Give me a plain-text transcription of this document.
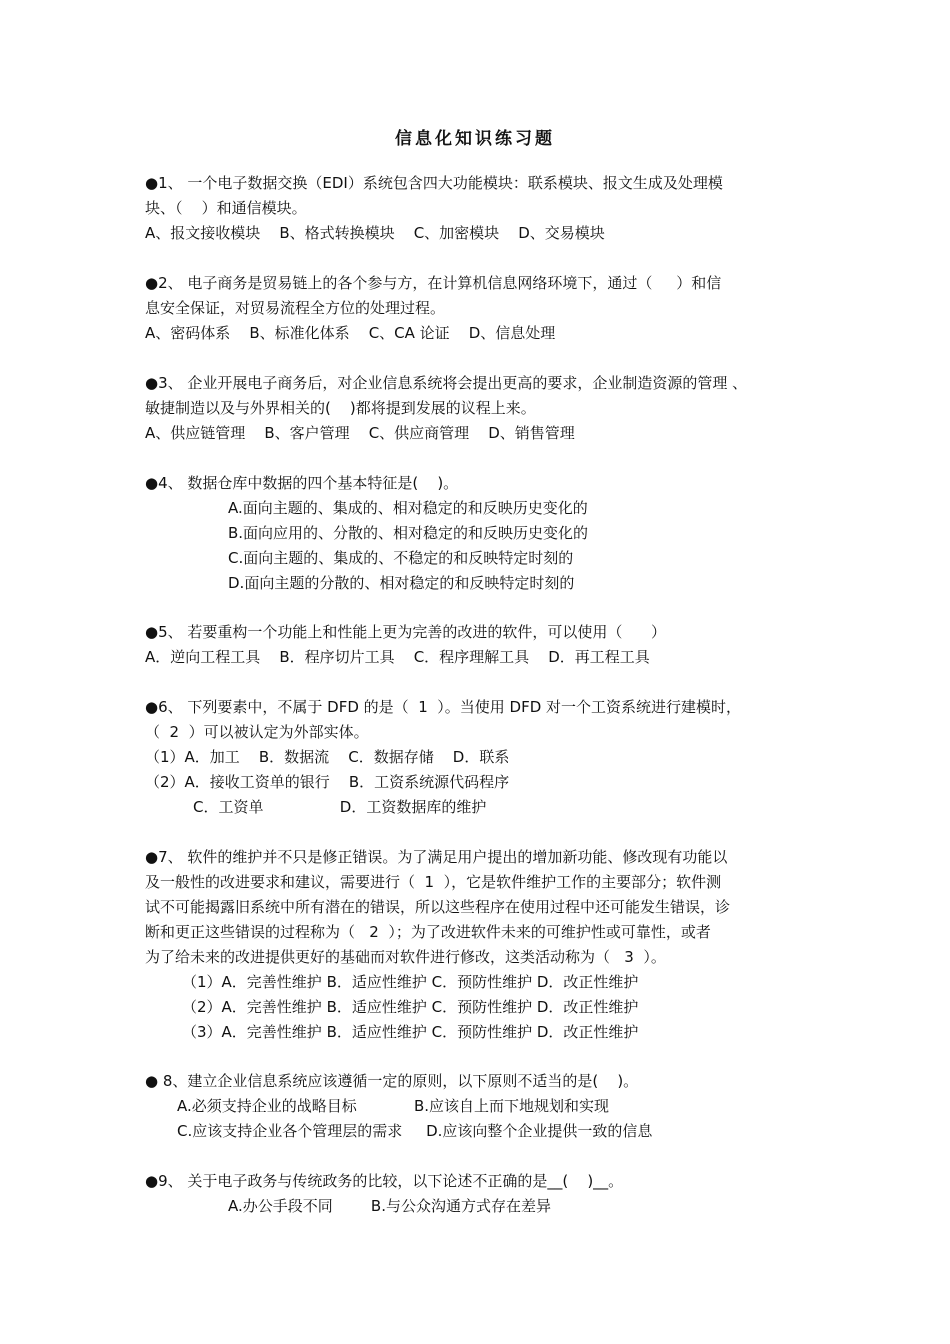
信息化知识练习题
●1、 一个电子数据交换（EDI）系统包含四大功能模块：联系模块、报文生成及处理模
块、（    ）和通信模块。
A、报文接收模块    B、格式转换模块    C、加密模块    D、交易模块
●2、 电子商务是贸易链上的各个参与方，在计算机信息网络环境下，通过（     ）和信
息安全保证，对贸易流程全方位的处理过程。
A、密码体系    B、标准化体系    C、CA 论证    D、信息处理
●3、 企业开展电子商务后，对企业信息系统将会提出更高的要求，企业制造资源的管理 、
敏捷制造以及与外界相关的(    )都将提到发展的议程上来。
A、供应链管理    B、客户管理    C、供应商管理    D、销售管理
●4、 数据仓库中数据的四个基本特征是(    )。
A.面向主题的、集成的、相对稳定的和反映历史变化的
B.面向应用的、分散的、相对稳定的和反映历史变化的
C.面向主题的、集成的、不稳定的和反映特定时刻的
D.面向主题的分散的、相对稳定的和反映特定时刻的
●5、 若要重构一个功能上和性能上更为完善的改进的软件，可以使用（      ）
A．逆向工程工具    B．程序切片工具    C．程序理解工具    D．再工程工具
●6、 下列要素中，不属于 DFD 的是（  1  ）。当使用 DFD 对一个工资系统进行建模时，
（  2  ）可以被认定为外部实体。
（1）A．加工    B．数据流    C．数据存储    D．联系
（2）A．接收工资单的银行    B．工资系统源代码程序
C．工资单                D．工资数据库的维护
●7、 软件的维护并不只是修正错误。为了满足用户提出的增加新功能、修改现有功能以
及一般性的改进要求和建议，需要进行（  1  ），它是软件维护工作的主要部分；软件测
试不可能揭露旧系统中所有潜在的错误，所以这些程序在使用过程中还可能发生错误，诊
断和更正这些错误的过程称为（   2  ）；为了改进软件未来的可维护性或可靠性，或者
为了给未来的改进提供更好的基础而对软件进行修改，这类活动称为（   3  ）。
（1）A．完善性维护 B．适应性维护 C．预防性维护 D．改正性维护
（2）A．完善性维护 B．适应性维护 C．预防性维护 D．改正性维护
（3）A．完善性维护 B．适应性维护 C．预防性维护 D．改正性维护
● 8、建立企业信息系统应该遵循一定的原则，以下原则不适当的是(    )。
A.必须支持企业的战略目标            B.应该自上而下地规划和实现
C.应该支持企业各个管理层的需求     D.应该向整个企业提供一致的信息
●9、 关于电子政务与传统政务的比较，以下论述不正确的是__(    )__。
A.办公手段不同        B.与公众沟通方式存在差异
